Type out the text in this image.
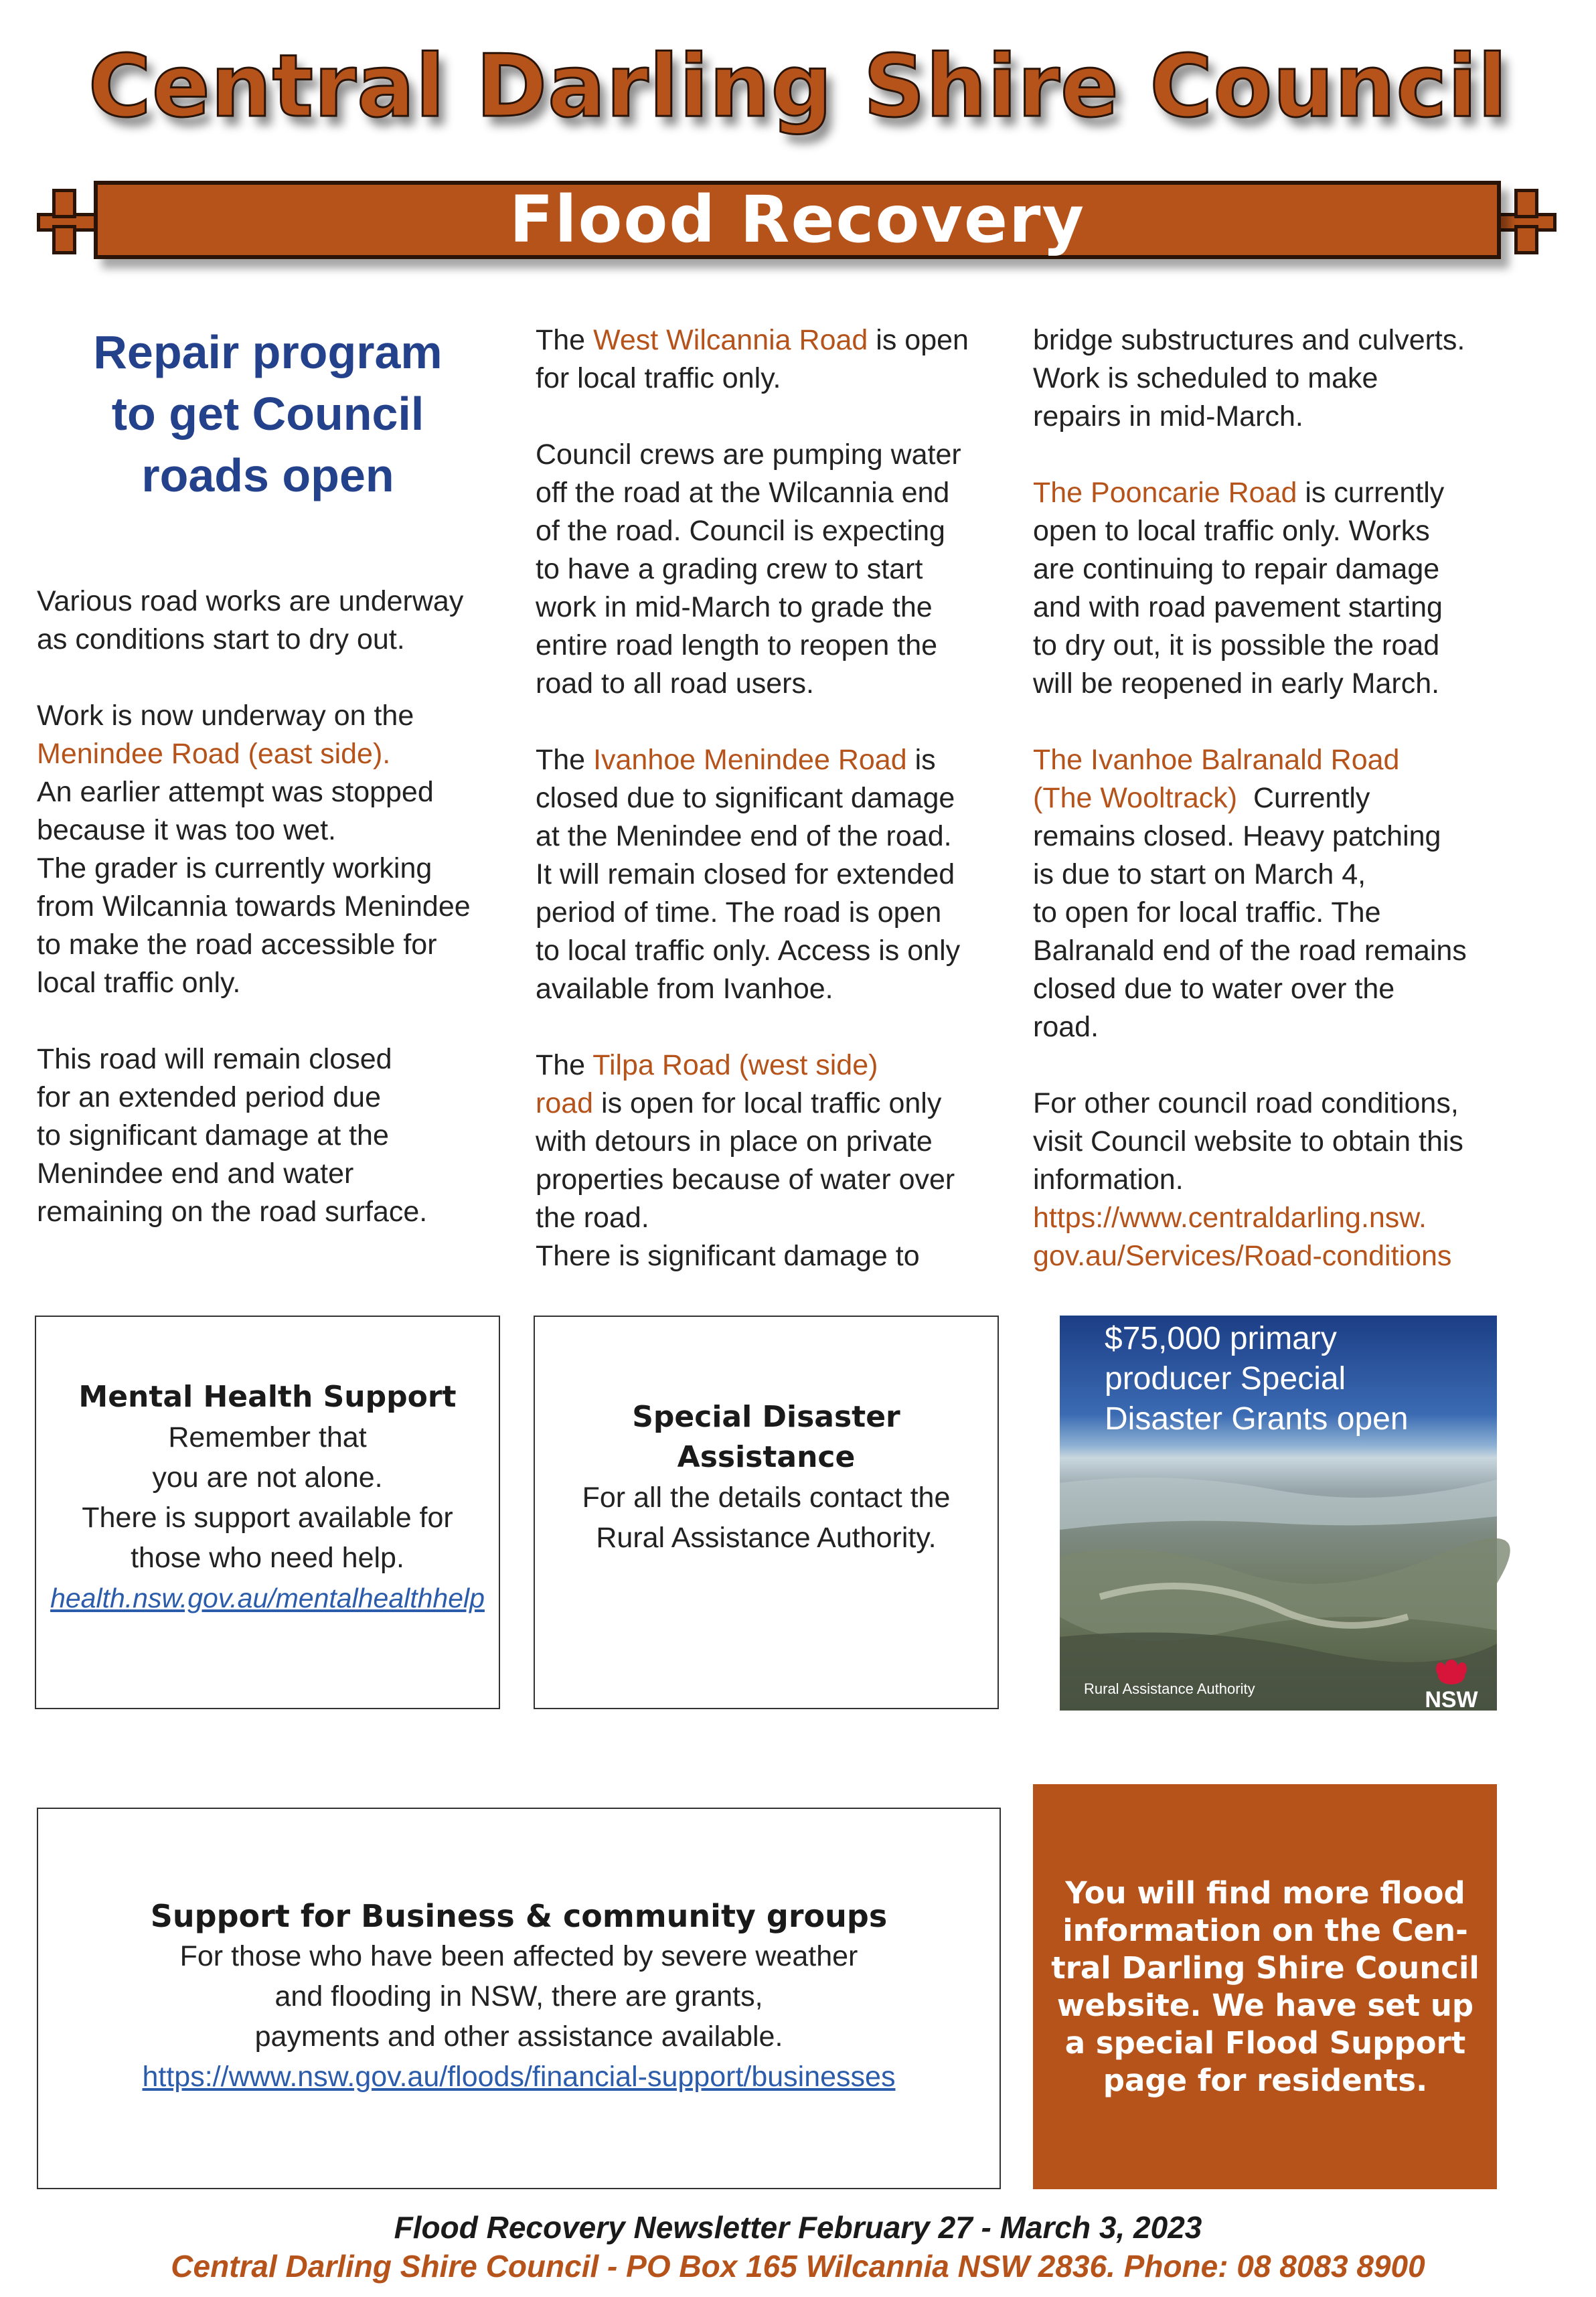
Central Darling Shire Council
Flood Recovery
Repair program
to get Council
roads open

Various road works are underway
as conditions start to dry out.

Work is now underway on the
Menindee Road (east side).
An earlier attempt was stopped
because it was too wet.
The grader is currently working
from Wilcannia towards Menindee
to make the road accessible for
local traffic only.

This road will remain closed
for an extended period due
to significant damage at the
Menindee end and water
remaining on the road surface.

The West Wilcannia Road is open
for local traffic only.

Council crews are pumping water
off the road at the Wilcannia end
of the road. Council is expecting
to have a grading crew to start
work in mid-March to grade the
entire road length to reopen the
road to all road users.

The Ivanhoe Menindee Road is
closed due to significant damage
at the Menindee end of the road.
It will remain closed for extended
period of time. The road is open
to local traffic only. Access is only
available from Ivanhoe.

The Tilpa Road (west side)
road is open for local traffic only
with detours in place on private
properties because of water over
the road.
There is significant damage to

bridge substructures and culverts.
Work is scheduled to make
repairs in mid-March.

The Pooncarie Road is currently
open to local traffic only. Works
are continuing to repair damage
and with road pavement starting
to dry out, it is possible the road
will be reopened in early March.

The Ivanhoe Balranald Road
(The Wooltrack) Currently
remains closed. Heavy patching
is due to start on March 4,
to open for local traffic. The
Balranald end of the road remains
closed due to water over the
road.

For other council road conditions,
visit Council website to obtain this
information.
https://www.centraldarling.nsw.
gov.au/Services/Road-conditions

Mental Health Support
Remember that
you are not alone.
There is support available for
those who need help.
health.nsw.gov.au/mentalhealthhelp
Special Disaster
Assistance
For all the details contact the
Rural Assistance Authority.
Rural Assistance Authority	NSW
GOVERNMENT
$75,000 primary
producer Special
Disaster Grants open
Support for Business & community groups
For those who have been affected by severe weather
and flooding in NSW, there are grants,
payments and other assistance available.
https://www.nsw.gov.au/floods/financial-support/businesses
You will find more flood
information on the Cen-
tral Darling Shire Council
website. We have set up
a special Flood Support
page for residents.
Flood Recovery Newsletter February 27 - March 3, 2023
Central Darling Shire Council - PO Box 165 Wilcannia NSW 2836. Phone: 08 8083 8900
